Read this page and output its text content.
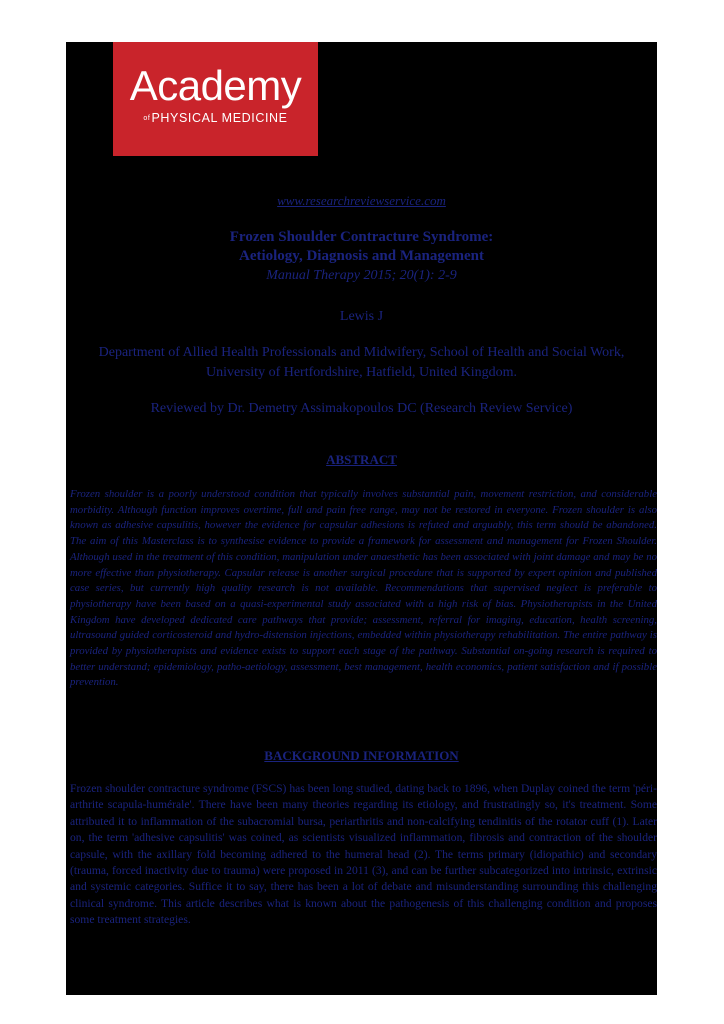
Academy
ofPHYSICAL MEDICINE
www.researchreviewservice.com
Frozen Shoulder Contracture Syndrome:
Aetiology, Diagnosis and Management
Manual Therapy 2015; 20(1): 2-9
Lewis J
Department of Allied Health Professionals and Midwifery, School of Health and Social Work, University of Hertfordshire, Hatfield, United Kingdom.
Reviewed by Dr. Demetry Assimakopoulos DC (Research Review Service)
ABSTRACT

Frozen shoulder is a poorly understood condition that typically involves substantial pain, movement restriction, and considerable morbidity. Although function improves overtime, full and pain free range, may not be restored in everyone. Frozen shoulder is also known as adhesive capsulitis, however the evidence for capsular adhesions is refuted and arguably, this term should be abandoned. The aim of this Masterclass is to synthesise evidence to provide a framework for assessment and management for Frozen Shoulder. Although used in the treatment of this condition, manipulation under anaesthetic has been associated with joint damage and may be no more effective than physiotherapy. Capsular release is another surgical procedure that is supported by expert opinion and published case series, but currently high quality research is not available. Recommendations that supervised neglect is preferable to physiotherapy have been based on a quasi-experimental study associated with a high risk of bias. Physiotherapists in the United Kingdom have developed dedicated care pathways that provide; assessment, referral for imaging, education, health screening, ultrasound guided corticosteroid and hydro-distension injections, embedded within physiotherapy rehabilitation. The entire pathway is provided by physiotherapists and evidence exists to support each stage of the pathway. Substantial on-going research is required to better understand; epidemiology, patho-aetiology, assessment, best management, health economics, patient satisfaction and if possible prevention.

BACKGROUND INFORMATION

Frozen shoulder contracture syndrome (FSCS) has been long studied, dating back to 1896, when Duplay coined the term 'péri-arthrite scapula-humérale'. There have been many theories regarding its etiology, and frustratingly so, it's treatment. Some attributed it to inflammation of the subacromial bursa, periarthritis and non-calcifying tendinitis of the rotator cuff (1). Later on, the term 'adhesive capsulitis' was coined, as scientists visualized inflammation, fibrosis and contraction of the shoulder capsule, with the axillary fold becoming adhered to the humeral head (2). The terms primary (idiopathic) and secondary (trauma, forced inactivity due to trauma) were proposed in 2011 (3), and can be further subcategorized into intrinsic, extrinsic and systemic categories. Suffice it to say, there has been a lot of debate and misunderstanding surrounding this challenging clinical syndrome. This article describes what is known about the pathogenesis of this challenging condition and proposes some treatment strategies.
